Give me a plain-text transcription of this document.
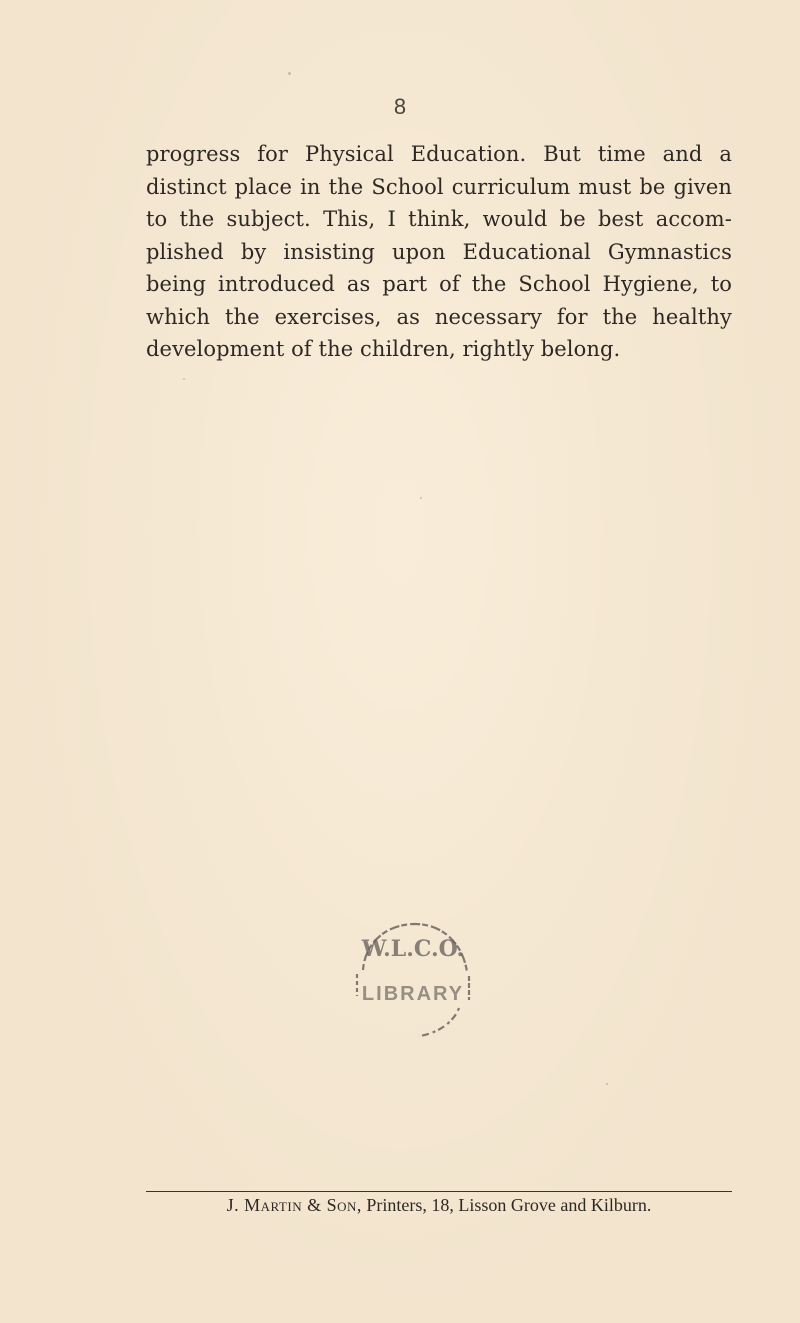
8

progress for Physical Education. But time and a
distinct place in the School curriculum must be given
to the subject. This, I think, would be best accom-
plished by insisting upon Educational Gymnastics
being introduced as part of the School Hygiene, to
which the exercises, as necessary for the healthy
development of the children, rightly belong.

W.L.C.O.
LIBRARY
J. Martin & Son, Printers, 18, Lisson Grove and Kilburn.
